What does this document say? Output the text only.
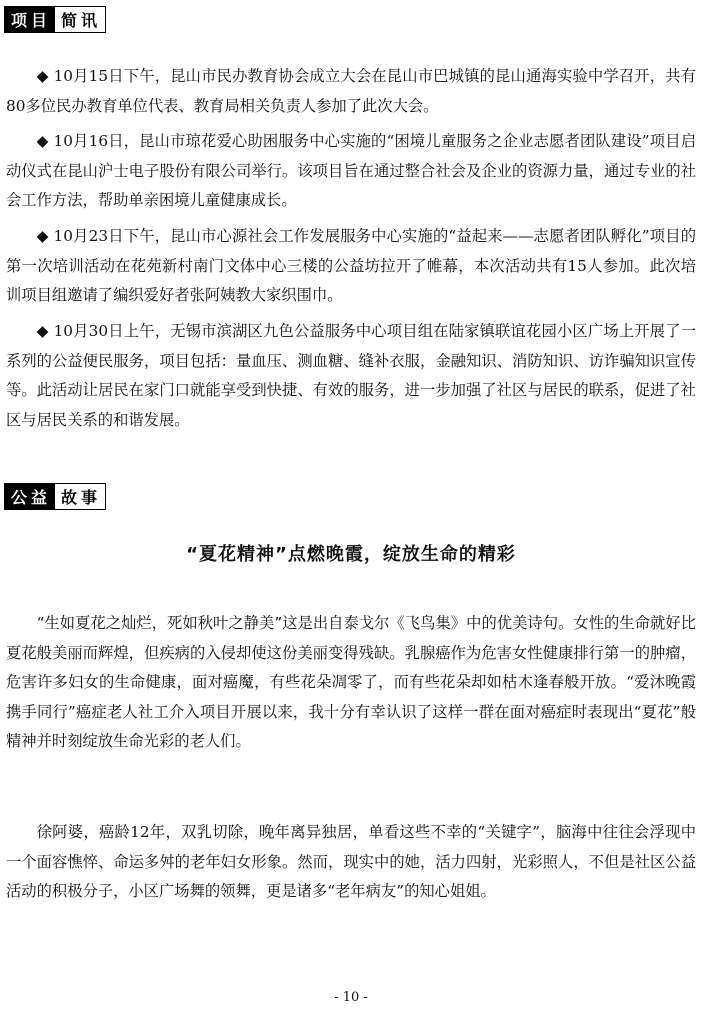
项目 简讯

◆ 10月15日下午，昆山市民办教育协会成立大会在昆山市巴城镇的昆山通海实验中学召开，共有80多位民办教育单位代表、教育局相关负责人参加了此次大会。

◆ 10月16日，昆山市琼花爱心助困服务中心实施的“困境儿童服务之企业志愿者团队建设”项目启动仪式在昆山沪士电子股份有限公司举行。该项目旨在通过整合社会及企业的资源力量，通过专业的社会工作方法，帮助单亲困境儿童健康成长。

◆ 10月23日下午，昆山市心源社会工作发展服务中心实施的“益起来——志愿者团队孵化”项目的第一次培训活动在花苑新村南门文体中心三楼的公益坊拉开了帷幕，本次活动共有15人参加。此次培训项目组邀请了编织爱好者张阿姨教大家织围巾。

◆ 10月30日上午，无锡市滨湖区九色公益服务中心项目组在陆家镇联谊花园小区广场上开展了一系列的公益便民服务，项目包括：量血压、测血糖、缝补衣服，金融知识、消防知识、访诈骗知识宣传等。此活动让居民在家门口就能享受到快捷、有效的服务，进一步加强了社区与居民的联系，促进了社区与居民关系的和谐发展。

公益 故事
“夏花精神”点燃晚霞，绽放生命的精彩

“生如夏花之灿烂，死如秋叶之静美”这是出自泰戈尔《飞鸟集》中的优美诗句。女性的生命就好比夏花般美丽而辉煌，但疾病的入侵却使这份美丽变得残缺。乳腺癌作为危害女性健康排行第一的肿瘤，危害许多妇女的生命健康，面对癌魔，有些花朵凋零了，而有些花朵却如枯木逢春般开放。“爱沐晚霞 携手同行”癌症老人社工介入项目开展以来，我十分有幸认识了这样一群在面对癌症时表现出“夏花”般精神并时刻绽放生命光彩的老人们。

徐阿婆，癌龄12年，双乳切除，晚年离异独居，单看这些不幸的“关键字”，脑海中往往会浮现中一个面容憔悴、命运多舛的老年妇女形象。然而，现实中的她，活力四射，光彩照人，不但是社区公益活动的积极分子，小区广场舞的领舞，更是诸多“老年病友”的知心姐姐。

- 10 -
